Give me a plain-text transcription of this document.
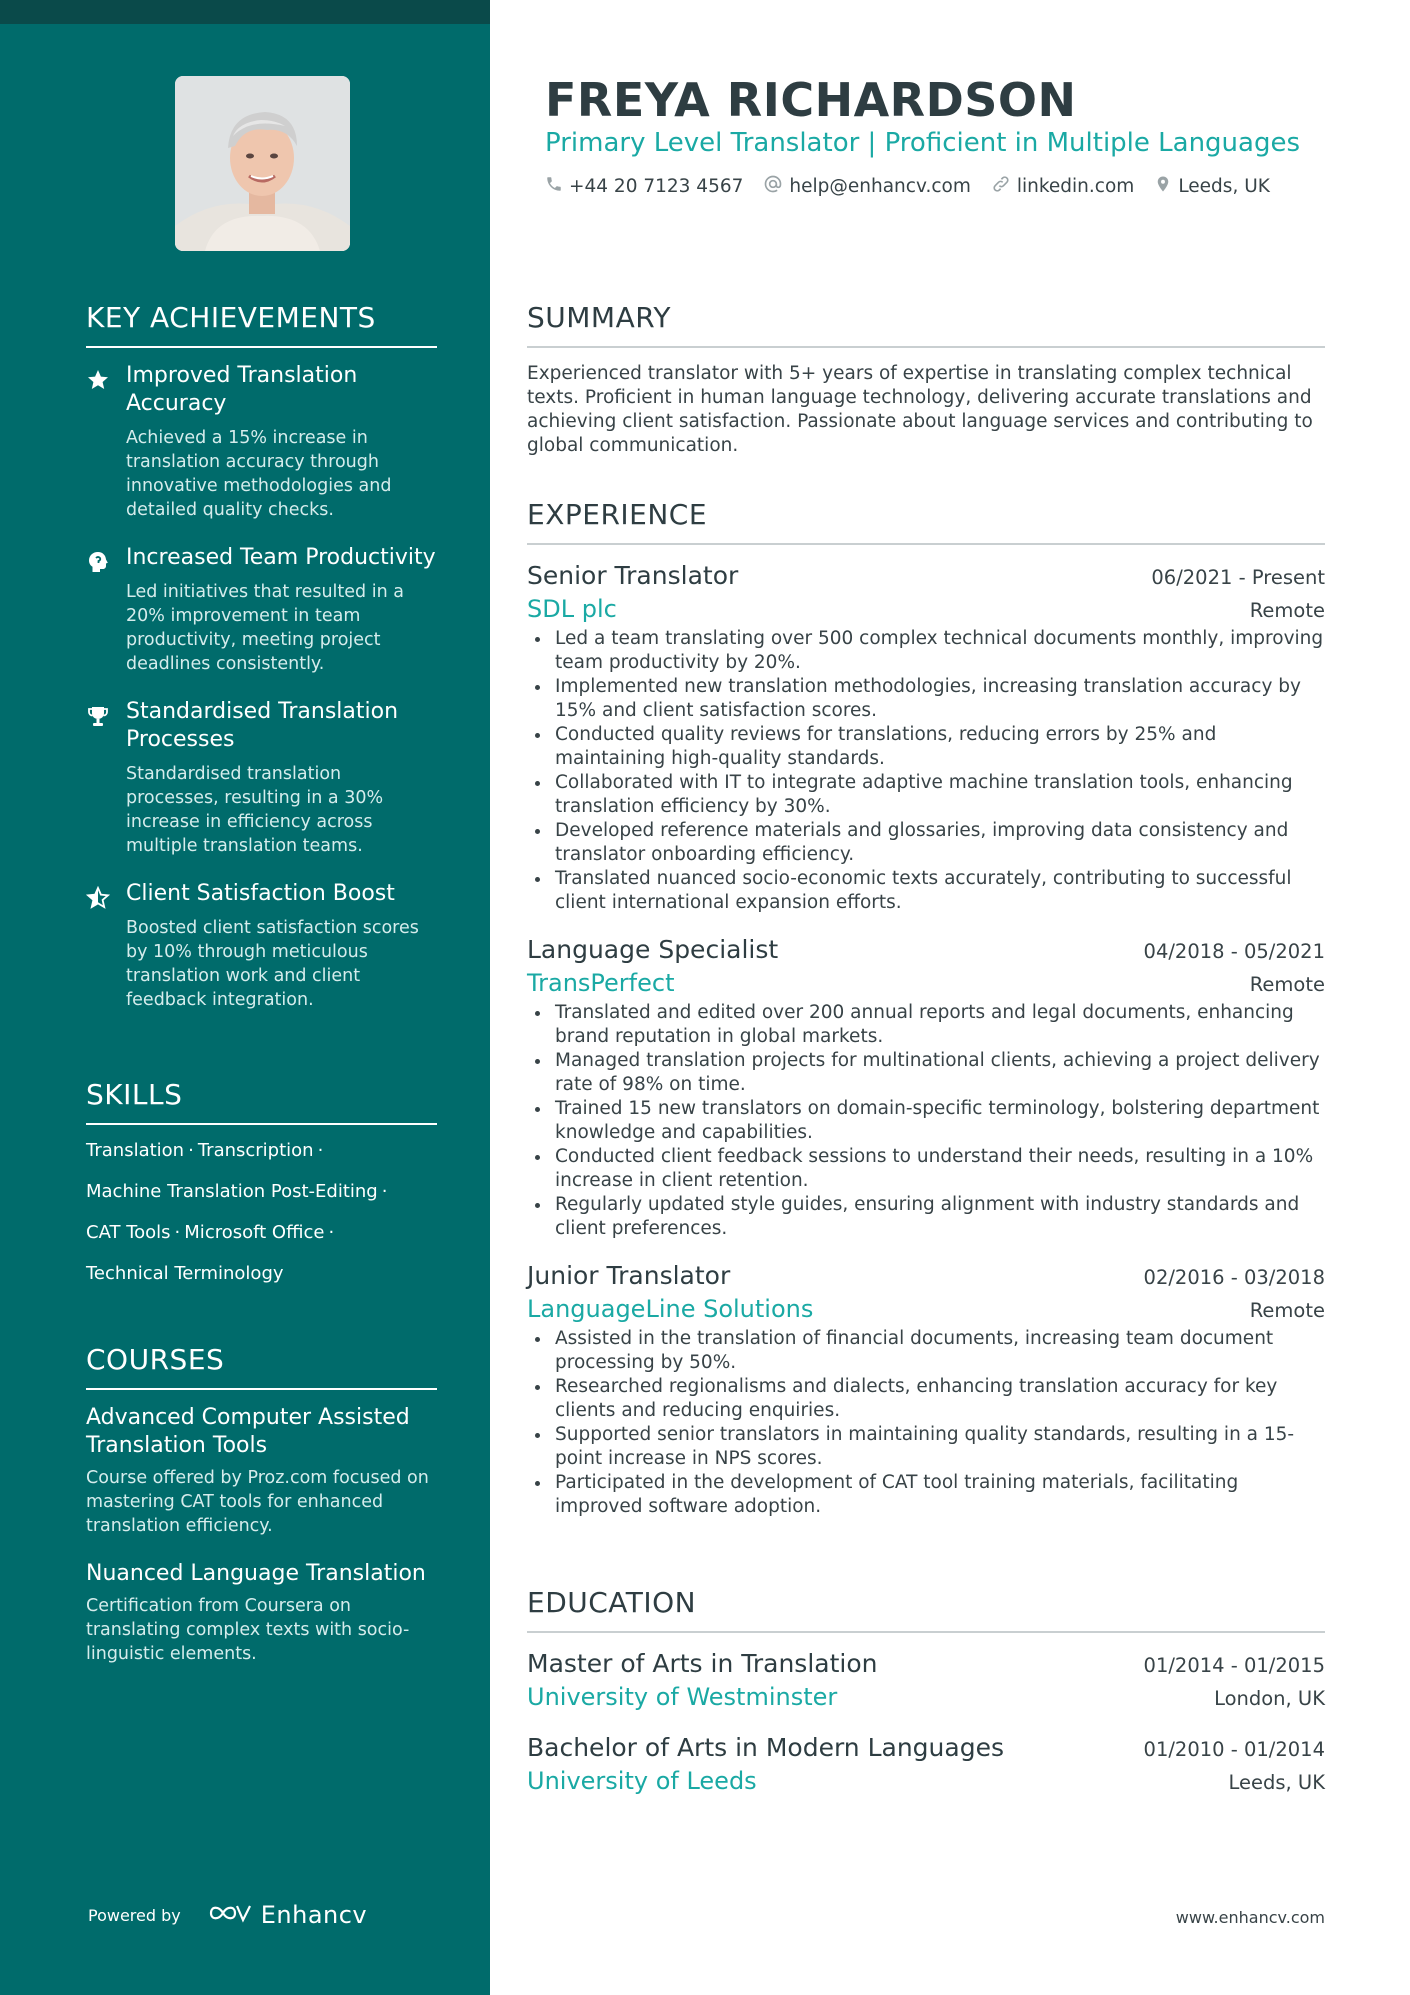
KEY ACHIEVEMENTS
Improved Translation Accuracy
Achieved a 15% increase in translation accuracy through innovative methodologies and detailed quality checks.
Increased Team Productivity
Led initiatives that resulted in a 20% improvement in team productivity, meeting project deadlines consistently.
Standardised Translation Processes
Standardised translation processes, resulting in a 30% increase in efficiency across multiple translation teams.
Client Satisfaction Boost
Boosted client satisfaction scores by 10% through meticulous translation work and client feedback integration.
SKILLS
Translation · Transcription ·
Machine Translation Post-Editing ·
CAT Tools · Microsoft Office ·
Technical Terminology
COURSES
Advanced Computer Assisted Translation Tools
Course offered by Proz.com focused on mastering CAT tools for enhanced translation efficiency.
Nuanced Language Translation
Certification from Coursera on translating complex texts with socio-linguistic elements.
Powered by	Enhancv
FREYA RICHARDSON
Primary Level Translator | Proficient in Multiple Languages
+44 20 7123 4567 help@enhancv.com linkedin.com Leeds, UK
SUMMARY
Experienced translator with 5+ years of expertise in translating complex technical texts. Proficient in human language technology, delivering accurate translations and achieving client satisfaction. Passionate about language services and contributing to global communication.
EXPERIENCE
Senior Translator	06/2021 - Present
SDL plc	Remote
Led a team translating over 500 complex technical documents monthly, improving team productivity by 20%.
Implemented new translation methodologies, increasing translation accuracy by 15% and client satisfaction scores.
Conducted quality reviews for translations, reducing errors by 25% and maintaining high-quality standards.
Collaborated with IT to integrate adaptive machine translation tools, enhancing translation efficiency by 30%.
Developed reference materials and glossaries, improving data consistency and translator onboarding efficiency.
Translated nuanced socio-economic texts accurately, contributing to successful client international expansion efforts.
Language Specialist	04/2018 - 05/2021
TransPerfect	Remote
Translated and edited over 200 annual reports and legal documents, enhancing brand reputation in global markets.
Managed translation projects for multinational clients, achieving a project delivery rate of 98% on time.
Trained 15 new translators on domain-specific terminology, bolstering department knowledge and capabilities.
Conducted client feedback sessions to understand their needs, resulting in a 10% increase in client retention.
Regularly updated style guides, ensuring alignment with industry standards and client preferences.
Junior Translator	02/2016 - 03/2018
LanguageLine Solutions	Remote
Assisted in the translation of financial documents, increasing team document processing by 50%.
Researched regionalisms and dialects, enhancing translation accuracy for key clients and reducing enquiries.
Supported senior translators in maintaining quality standards, resulting in a 15-point increase in NPS scores.
Participated in the development of CAT tool training materials, facilitating improved software adoption.
EDUCATION
Master of Arts in Translation	01/2014 - 01/2015
University of Westminster	London, UK
Bachelor of Arts in Modern Languages	01/2010 - 01/2014
University of Leeds	Leeds, UK
www.enhancv.com
